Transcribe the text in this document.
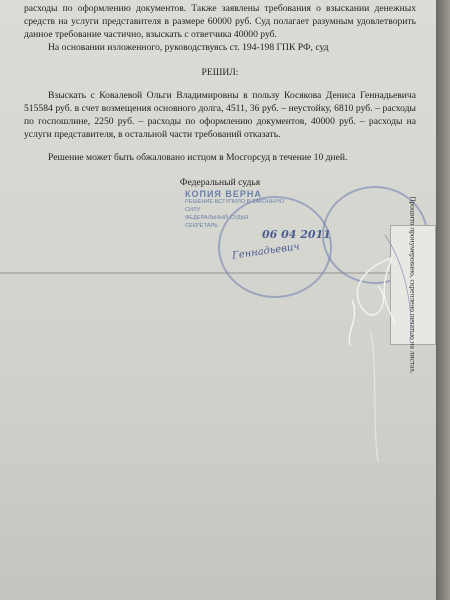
расходы по оформлению документов. Также заявлены требования о взыскании денежных средств на услуги представителя в размере 60000 руб. Суд полагает разумным удовлетворить данное требование частично, взыскать с ответчика 40000 руб.

На основании изложенного, руководствуясь ст. 194-198 ГПК РФ, суд

РЕШИЛ:

Взыскать с Ковалевой Ольги Владимировны в пользу Косякова Дениса Геннадьевича 515584 руб. в счет возмещения основного долга, 4511, 36 руб. – неустойку, 6810 руб. – расходы по госпошлине, 2250 руб. – расходы по оформлению документов, 40000 руб. – расходы на услуги представителя, в остальной части требований отказать.

Решение может быть обжаловано истцом в Мосгорсуд в течение 10 дней.

Федеральный судья

КОПИЯ ВЕРНА
РЕШЕНИЕ ВСТУПИЛО В ЗАКОННУЮ
СИЛУ
ФЕДЕРАЛЬНЫЙ СУДЬЯ
СЕКРЕТАРЬ
06 04 2011
Геннадьевич	Прошито пронумеровано, скреплено печатью на листах.
